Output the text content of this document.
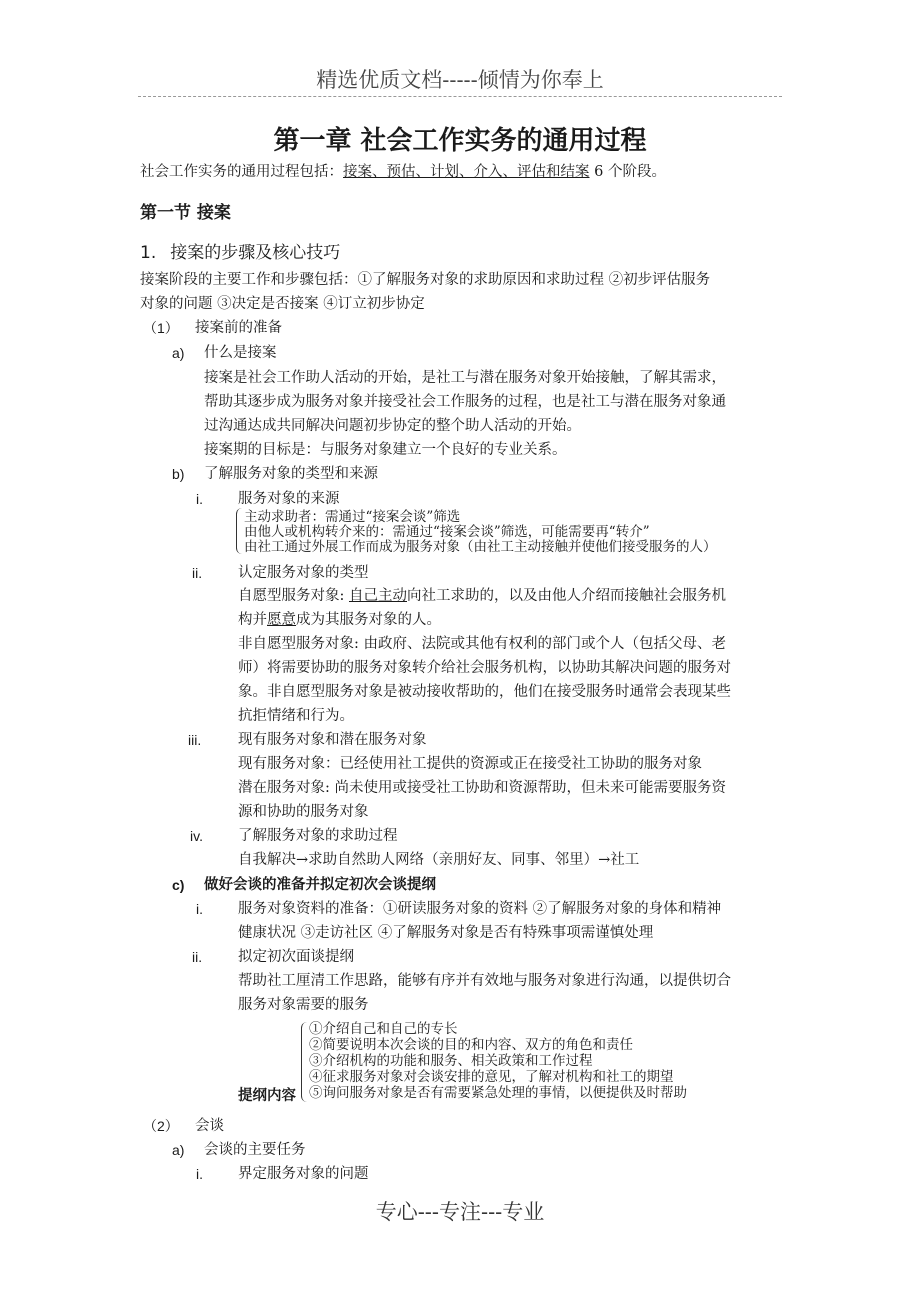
精选优质文档-----倾情为你奉上
第一章 社会工作实务的通用过程
社会工作实务的通用过程包括：接案、预估、计划、介入、评估和结案 6 个阶段。
第一节 接案
1. 接案的步骤及核心技巧
接案阶段的主要工作和步骤包括：①了解服务对象的求助原因和求助过程 ②初步评估服务
对象的问题 ③决定是否接案 ④订立初步协定
（1） 接案前的准备
a) 什么是接案
接案是社会工作助人活动的开始，是社工与潜在服务对象开始接触，了解其需求，
帮助其逐步成为服务对象并接受社会工作服务的过程，也是社工与潜在服务对象通
过沟通达成共同解决问题初步协定的整个助人活动的开始。
接案期的目标是：与服务对象建立一个良好的专业关系。
b) 了解服务对象的类型和来源
i. 服务对象的来源
主动求助者：需通过“接案会谈”筛选
由他人或机构转介来的：需通过“接案会谈”筛选，可能需要再“转介”
由社工通过外展工作而成为服务对象（由社工主动接触并使他们接受服务的人）
ii. 认定服务对象的类型
自愿型服务对象: 自己主动向社工求助的，以及由他人介绍而接触社会服务机
构并愿意成为其服务对象的人。
非自愿型服务对象: 由政府、法院或其他有权利的部门或个人（包括父母、老
师）将需要协助的服务对象转介给社会服务机构，以协助其解决问题的服务对
象。非自愿型服务对象是被动接收帮助的，他们在接受服务时通常会表现某些
抗拒情绪和行为。
iii.	现有服务对象和潜在服务对象
现有服务对象：已经使用社工提供的资源或正在接受社工协助的服务对象
潜在服务对象: 尚未使用或接受社工协助和资源帮助，但未来可能需要服务资
源和协助的服务对象
iv. 了解服务对象的求助过程
自我解决→求助自然助人网络（亲朋好友、同事、邻里）→社工
c) 做好会谈的准备并拟定初次会谈提纲
i. 服务对象资料的准备：①研读服务对象的资料 ②了解服务对象的身体和精神
健康状况 ③走访社区 ④了解服务对象是否有特殊事项需谨慎处理
ii. 拟定初次面谈提纲
帮助社工厘清工作思路，能够有序并有效地与服务对象进行沟通，以提供切合
服务对象需要的服务
提纲内容
①介绍自己和自己的专长
②简要说明本次会谈的目的和内容、双方的角色和责任
③介绍机构的功能和服务、相关政策和工作过程
④征求服务对象对会谈安排的意见，了解对机构和社工的期望
⑤询问服务对象是否有需要紧急处理的事情，以便提供及时帮助
（2） 会谈
a) 会谈的主要任务
i. 界定服务对象的问题
专心---专注---专业
